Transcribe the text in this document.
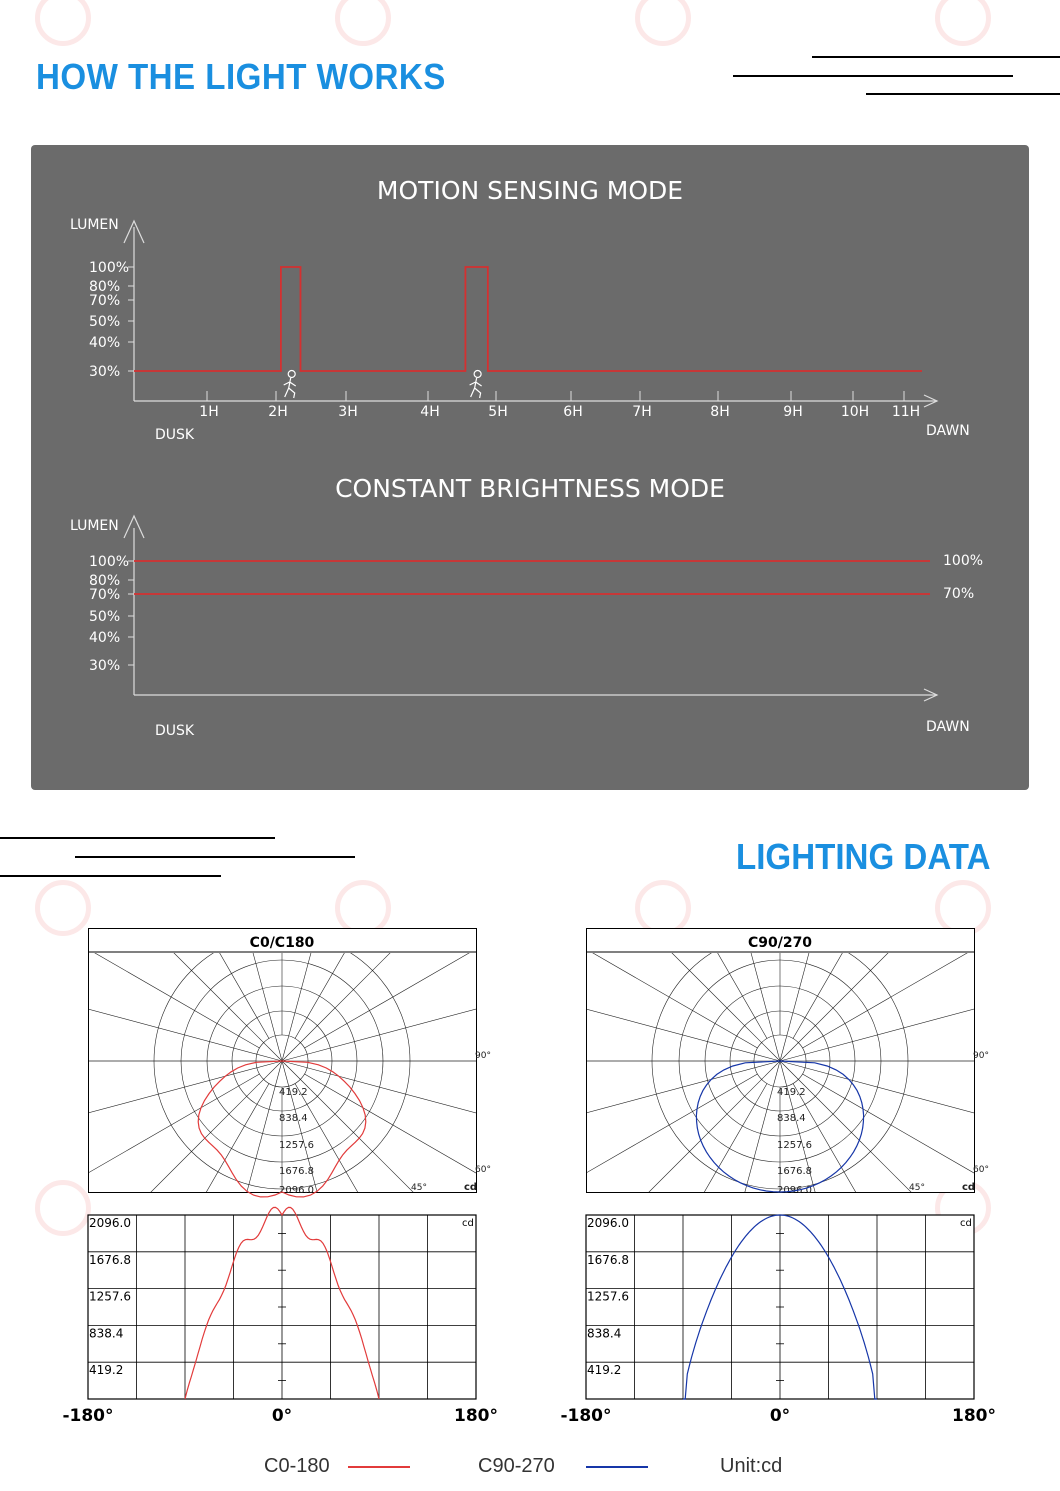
HOW THE LIGHT WORKS
MOTION SENSING MODE
LUMEN
100%
80%
70%
50%
40%
30%
1H	2H	3H	4H	5H	6H	7H	8H	9H	10H 11H
DUSK	DAWN
CONSTANT BRIGHTNESS MODE
LUMEN
100%
80%
70%
50%
40%
30%
100%
70%
DUSK	DAWN
LIGHTING DATA
C0/C180
419.2
838.4
1257.6
1676.8
2096.0
90°
60°
45°	cd
C90/270
419.2
838.4
1257.6
1676.8
2096.0
90°
60°
45°	cd
2096.0
1676.8
1257.6
838.4
419.2
cd
-180°	0°	180°
2096.0
1676.8
1257.6
838.4
419.2
cd
-180°	0°	180°
C0-180	C90-270	Unit:cd
